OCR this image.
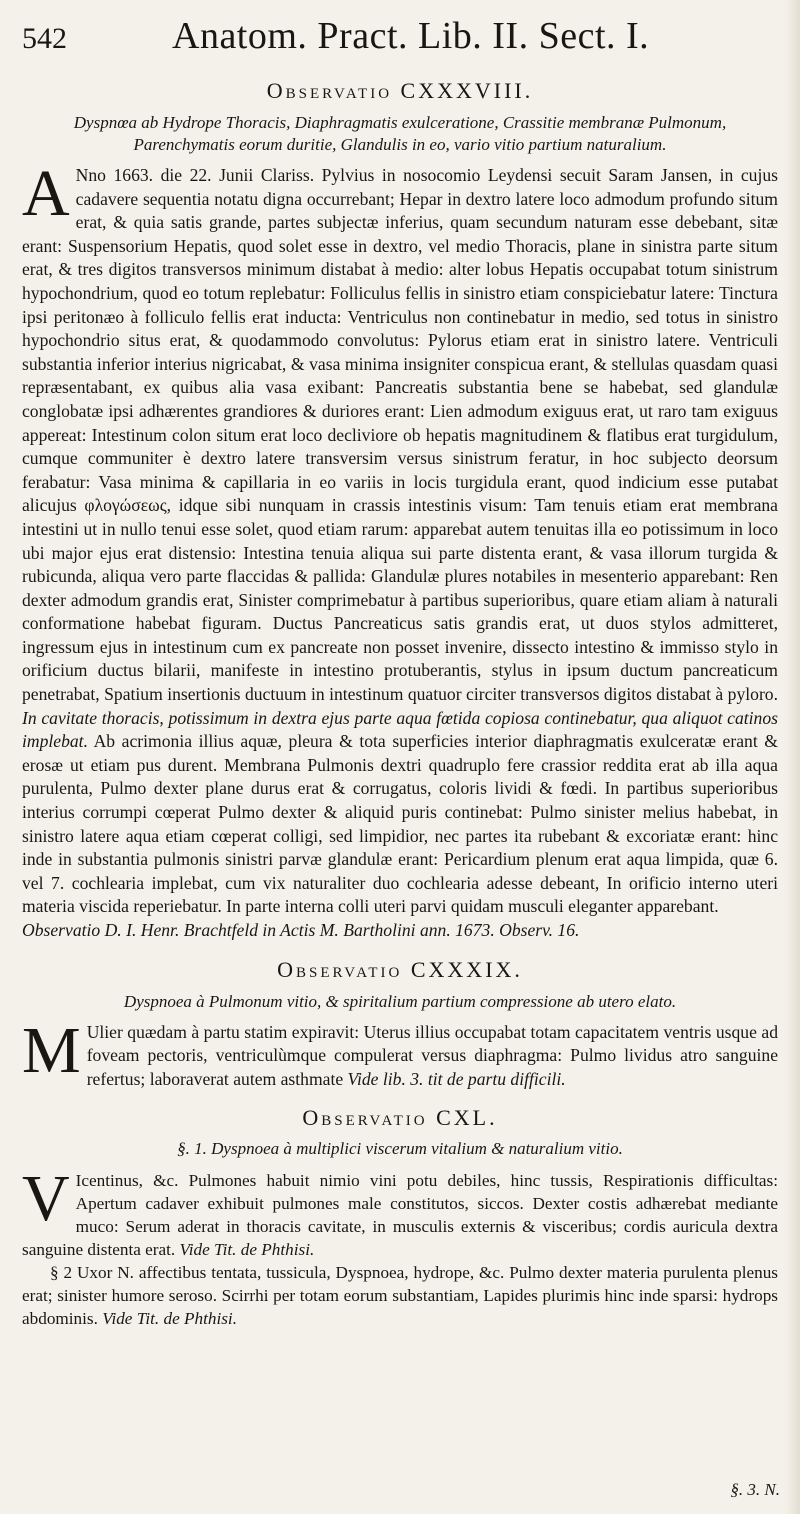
542	Anatom. Pract. Lib. II. Sect. I.
Observatio CXXXVIII.
Dyspnœa ab Hydrope Thoracis, Diaphragmatis exulceratione, Crassitie membranæ Pulmonum,
Parenchymatis eorum duritie, Glandulis in eo, vario vitio partium naturalium.

A Nno 1663. die 22. Junii Clariss. Pylvius in nosocomio Leydensi secuit Saram Jansen, in cujus cadavere sequentia notatu digna occurrebant; Hepar in dextro latere loco admodum profundo situm erat, & quia satis grande, partes subjectæ inferius, quam secundum naturam esse debebant, sitæ erant: Suspensorium Hepatis, quod solet esse in dextro, vel medio Thoracis, plane in sinistra parte situm erat, & tres digitos transversos minimum distabat à medio: alter lobus Hepatis occupabat totum sinistrum hypochondrium, quod eo totum replebatur: Folliculus fellis in sinistro etiam conspiciebatur latere: Tinctura ipsi peritonæo à folliculo fellis erat inducta: Ventriculus non continebatur in medio, sed totus in sinistro hypochondrio situs erat, & quodammodo convolutus: Pylorus etiam erat in sinistro latere. Ventriculi substantia inferior interius nigricabat, & vasa minima insigniter conspicua erant, & stellulas quasdam quasi repræsentabant, ex quibus alia vasa exibant: Pancreatis substantia bene se habebat, sed glandulæ conglobatæ ipsi adhærentes grandiores & duriores erant: Lien admodum exiguus erat, ut raro tam exiguus appereat: Intestinum colon situm erat loco decliviore ob hepatis magnitudinem & flatibus erat turgidulum, cumque communiter è dextro latere transversim versus sinistrum feratur, in hoc subjecto deorsum ferabatur: Vasa minima & capillaria in eo variis in locis turgidula erant, quod indicium esse putabat alicujus φλογώσεως, idque sibi nunquam in crassis intestinis visum: Tam tenuis etiam erat membrana intestini ut in nullo tenui esse solet, quod etiam rarum: apparebat autem tenuitas illa eo potissimum in loco ubi major ejus erat distensio: Intestina tenuia aliqua sui parte distenta erant, & vasa illorum turgida & rubicunda, aliqua vero parte flaccidas & pallida: Glandulæ plures notabiles in mesenterio apparebant: Ren dexter admodum grandis erat, Sinister comprimebatur à partibus superioribus, quare etiam aliam à naturali conformatione habebat figuram. Ductus Pancreaticus satis grandis erat, ut duos stylos admitteret, ingressum ejus in intestinum cum ex pancreate non posset invenire, dissecto intestino & immisso stylo in orificium ductus bilarii, manifeste in intestino protuberantis, stylus in ipsum ductum pancreaticum penetrabat, Spatium insertionis ductuum in intestinum quatuor circiter transversos digitos distabat à pyloro. In cavitate thoracis, potissimum in dextra ejus parte aqua fœtida copiosa continebatur, qua aliquot catinos implebat. Ab acrimonia illius aquæ, pleura & tota superficies interior diaphragmatis exulceratæ erant & erosæ ut etiam pus durent. Membrana Pulmonis dextri quadruplo fere crassior reddita erat ab illa aqua purulenta, Pulmo dexter plane durus erat & corrugatus, coloris lividi & fœdi. In partibus superioribus interius corrumpi cœperat Pulmo dexter & aliquid puris continebat: Pulmo sinister melius habebat, in sinistro latere aqua etiam cœperat colligi, sed limpidior, nec partes ita rubebant & excoriatæ erant: hinc inde in substantia pulmonis sinistri parvæ glandulæ erant: Pericardium plenum erat aqua limpida, quæ 6. vel 7. cochlearia implebat, cum vix naturaliter duo cochlearia adesse debeant, In orificio interno uteri materia viscida reperiebatur. In parte interna colli uteri parvi quidam musculi eleganter apparebant.

Observatio D. I. Henr. Brachtfeld in Actis M. Bartholini ann. 1673. Observ. 16.

Observatio CXXXIX.
Dyspnoea à Pulmonum vitio, & spiritalium partium compressione ab utero elato.

M Ulier quædam à partu statim expiravit: Uterus illius occupabat totam capacitatem ventris usque ad foveam pectoris, ventriculùmque compulerat versus diaphragma: Pulmo lividus atro sanguine refertus; laboraverat autem asthmate Vide lib. 3. tit de partu difficili.

Observatio CXL.
§. 1. Dyspnoea à multiplici viscerum vitalium & naturalium vitio.

V Icentinus, &c. Pulmones habuit nimio vini potu debiles, hinc tussis, Respirationis difficultas: Apertum cadaver exhibuit pulmones male constitutos, siccos. Dexter costis adhærebat mediante muco: Serum aderat in thoracis cavitate, in musculis externis & visceribus; cordis auricula dextra sanguine distenta erat. Vide Tit. de Phthisi.

§ 2 Uxor N. affectibus tentata, tussicula, Dyspnoea, hydrope, &c. Pulmo dexter materia purulenta plenus erat; sinister humore seroso. Scirrhi per totam eorum substantiam, Lapides plurimis hinc inde sparsi: hydrops abdominis. Vide Tit. de Phthisi.

§. 3. N.
